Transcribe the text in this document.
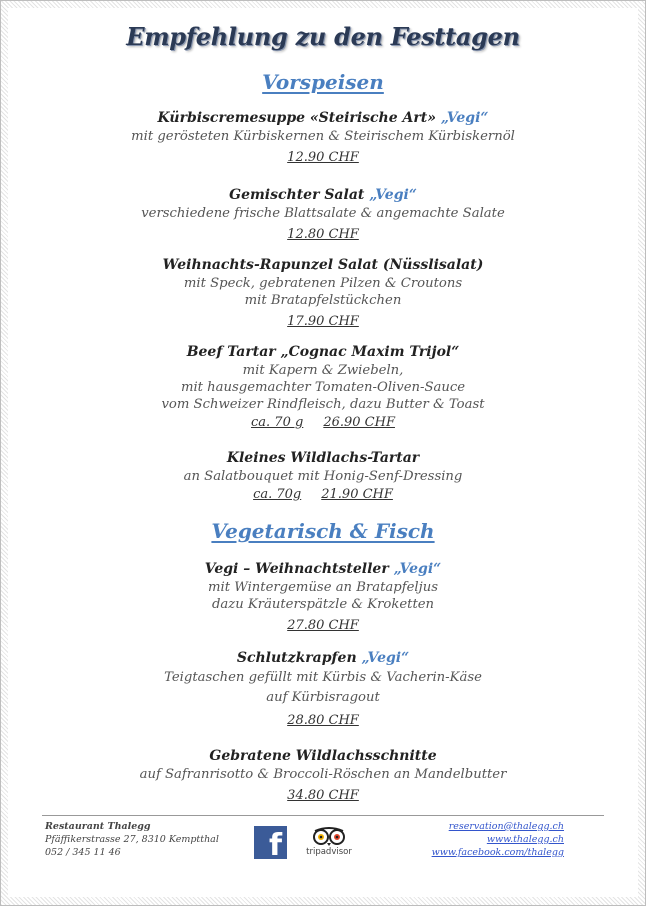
Empfehlung zu den Festtagen
Vorspeisen
Kürbiscremesuppe «Steirische Art» „Vegi“
mit gerösteten Kürbiskernen & Steirischem Kürbiskernöl
12.90 CHF
Gemischter Salat „Vegi“
verschiedene frische Blattsalate & angemachte Salate
12.80 CHF
Weihnachts-Rapunzel Salat (Nüsslisalat)
mit Speck, gebratenen Pilzen & Croutons
mit Bratapfelstückchen
17.90 CHF
Beef Tartar „Cognac Maxim Trijol“
mit Kapern & Zwiebeln,
mit hausgemachter Tomaten-Oliven-Sauce
vom Schweizer Rindfleisch, dazu Butter & Toast
ca. 70 g 26.90 CHF
Kleines Wildlachs-Tartar
an Salatbouquet mit Honig-Senf-Dressing
ca. 70g 21.90 CHF
Vegetarisch & Fisch
Vegi – Weihnachtsteller „Vegi“
mit Wintergemüse an Bratapfeljus
dazu Kräuterspätzle & Kroketten
27.80 CHF
Schlutzkrapfen „Vegi“
Teigtaschen gefüllt mit Kürbis & Vacherin-Käse
auf Kürbisragout
28.80 CHF
Gebratene Wildlachsschnitte
auf Safranrisotto & Broccoli-Röschen an Mandelbutter
34.80 CHF
Restaurant Thalegg
Pfäffikerstrasse 27, 8310 Kemptthal
052 / 345 11 46	f	tripadvisor
reservation@thalegg.ch
www.thalegg.ch
www.facebook.com/thalegg
